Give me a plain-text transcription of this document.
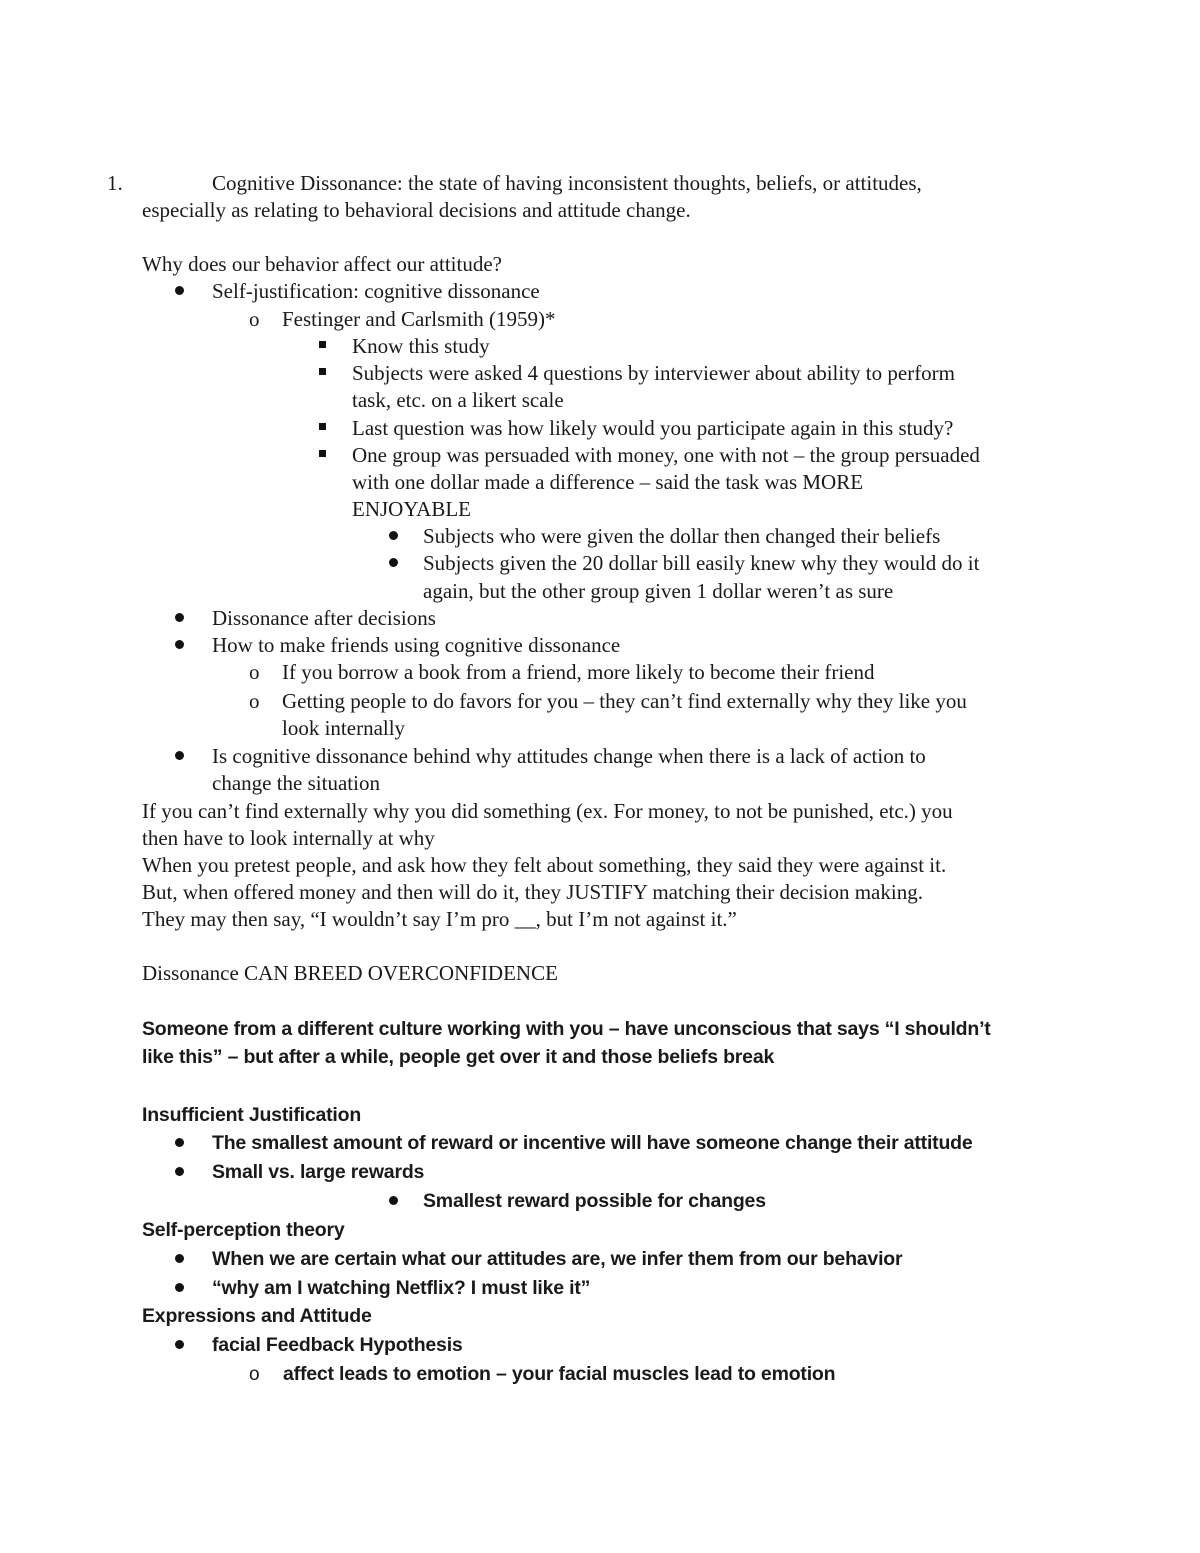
1.	Cognitive Dissonance: the state of having inconsistent thoughts, beliefs, or attitudes,
especially as relating to behavioral decisions and attitude change.
Why does our behavior affect our attitude?
Self-justification: cognitive dissonance
o Festinger and Carlsmith (1959)*
Know this study
Subjects were asked 4 questions by interviewer about ability to perform
task, etc. on a likert scale
Last question was how likely would you participate again in this study?
One group was persuaded with money, one with not – the group persuaded
with one dollar made a difference – said the task was MORE
ENJOYABLE
Subjects who were given the dollar then changed their beliefs
Subjects given the 20 dollar bill easily knew why they would do it
again, but the other group given 1 dollar weren’t as sure
Dissonance after decisions
How to make friends using cognitive dissonance
o If you borrow a book from a friend, more likely to become their friend
o Getting people to do favors for you – they can’t find externally why they like you
look internally
Is cognitive dissonance behind why attitudes change when there is a lack of action to
change the situation
If you can’t find externally why you did something (ex. For money, to not be punished, etc.) you
then have to look internally at why
When you pretest people, and ask how they felt about something, they said they were against it.
But, when offered money and then will do it, they JUSTIFY matching their decision making.
They may then say, “I wouldn’t say I’m pro __, but I’m not against it.”
Dissonance CAN BREED OVERCONFIDENCE
Someone from a different culture working with you – have unconscious that says “I shouldn’t
like this” – but after a while, people get over it and those beliefs break
Insufficient Justification
The smallest amount of reward or incentive will have someone change their attitude
Small vs. large rewards
Smallest reward possible for changes
Self-perception theory
When we are certain what our attitudes are, we infer them from our behavior
“why am I watching Netflix? I must like it”
Expressions and Attitude
facial Feedback Hypothesis
o affect leads to emotion – your facial muscles lead to emotion
